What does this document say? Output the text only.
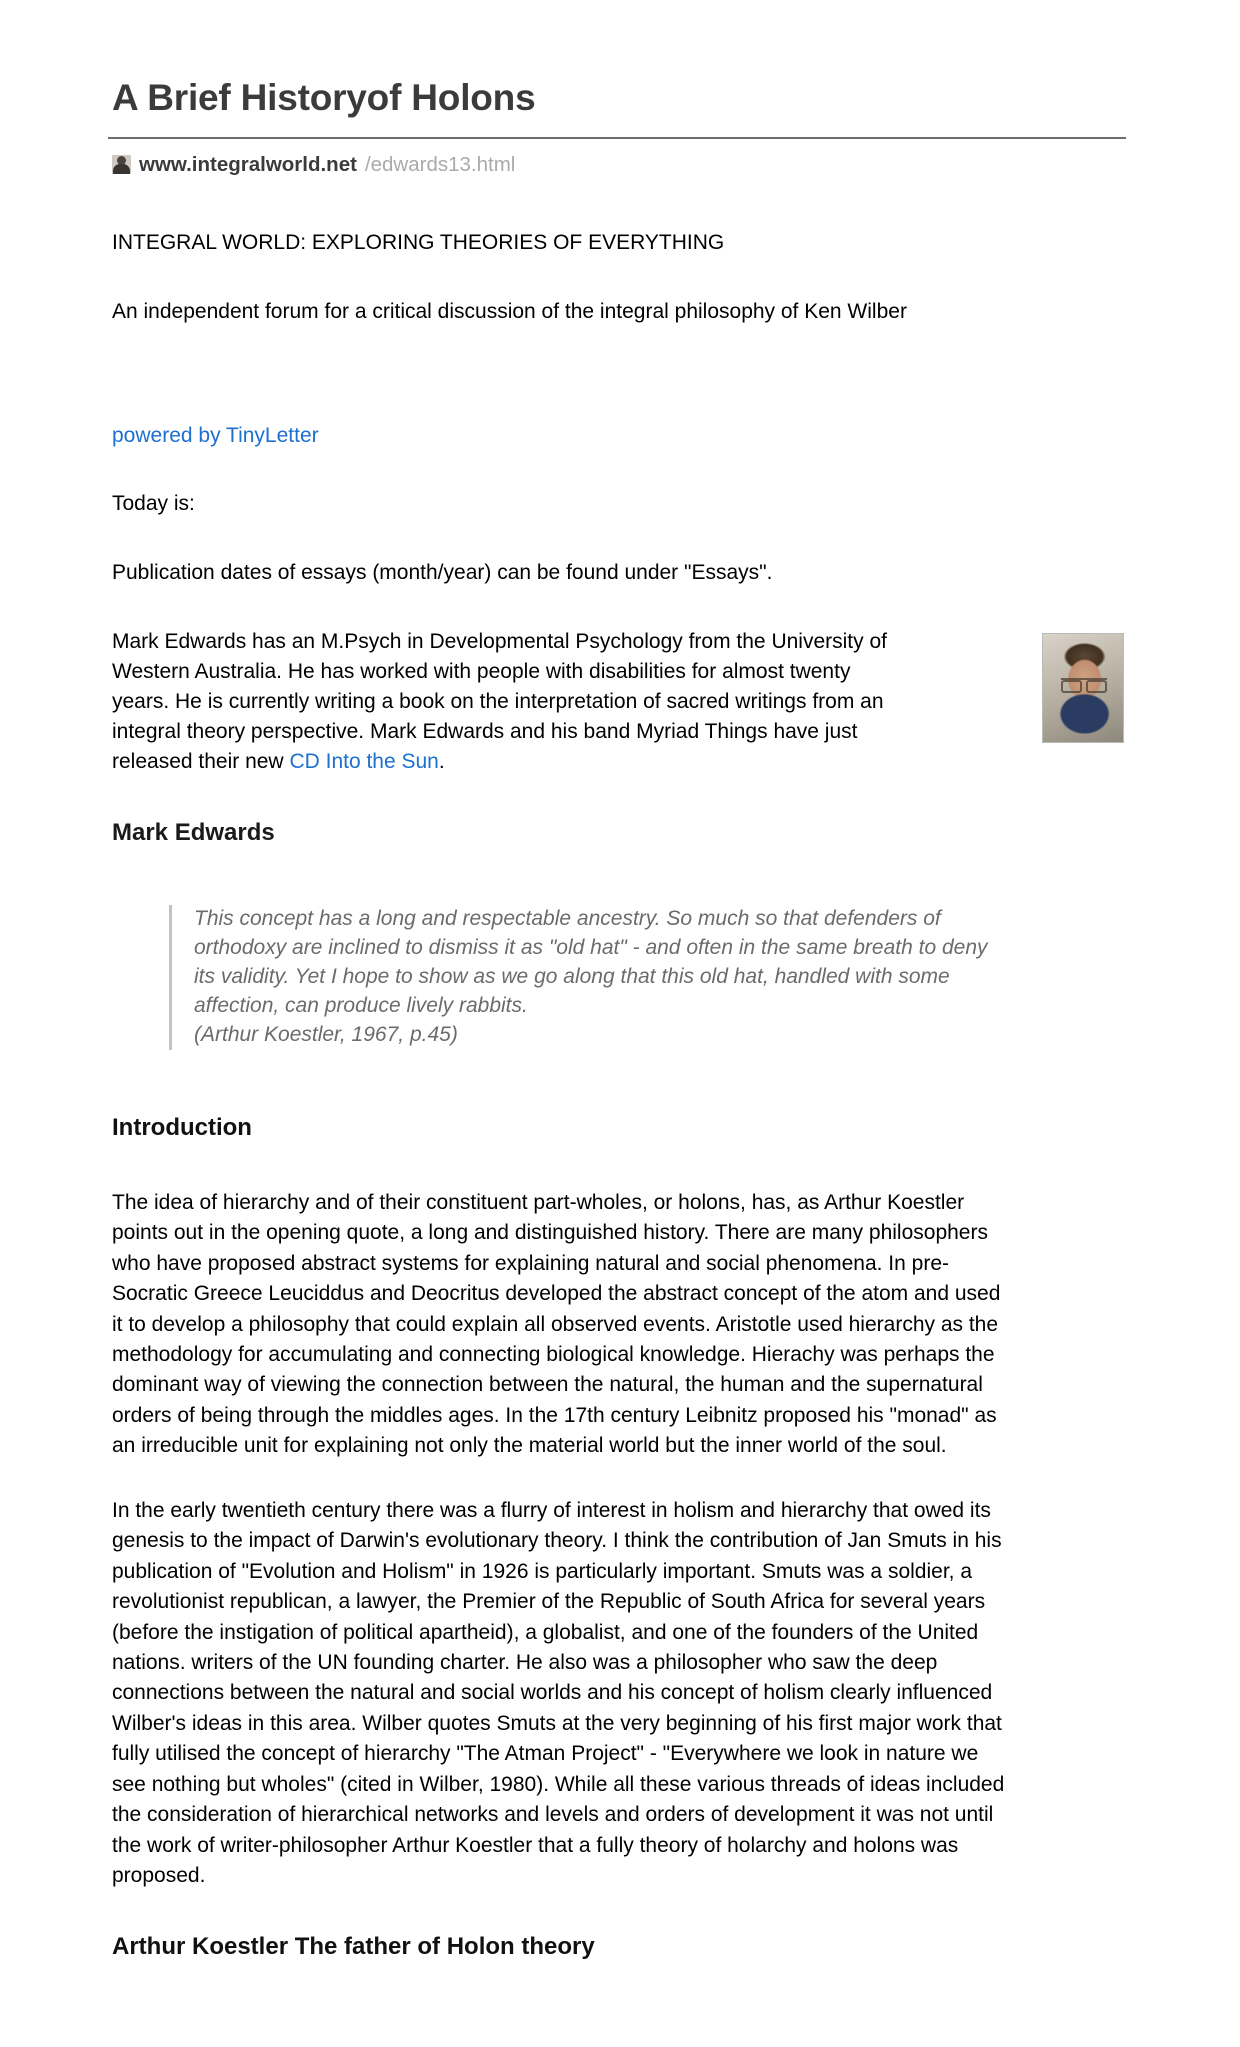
A Brief Historyof Holons
www.integralworld.net /edwards13.html

INTEGRAL WORLD: EXPLORING THEORIES OF EVERYTHING

An independent forum for a critical discussion of the integral philosophy of Ken Wilber

powered by TinyLetter

Today is:

Publication dates of essays (month/year) can be found under "Essays".

Mark Edwards has an M.Psych in Developmental Psychology from the University of Western Australia. He has worked with people with disabilities for almost twenty years. He is currently writing a book on the interpretation of sacred writings from an integral theory perspective. Mark Edwards and his band Myriad Things have just released their new CD Into the Sun.

Mark Edwards

This concept has a long and respectable ancestry. So much so that defenders of orthodoxy are inclined to dismiss it as "old hat" - and often in the same breath to deny its validity. Yet I hope to show as we go along that this old hat, handled with some affection, can produce lively rabbits.

(Arthur Koestler, 1967, p.45)

Introduction

The idea of hierarchy and of their constituent part-wholes, or holons, has, as Arthur Koestler points out in the opening quote, a long and distinguished history. There are many philosophers who have proposed abstract systems for explaining natural and social phenomena. In pre-Socratic Greece Leuciddus and Deocritus developed the abstract concept of the atom and used it to develop a philosophy that could explain all observed events. Aristotle used hierarchy as the methodology for accumulating and connecting biological knowledge. Hierachy was perhaps the dominant way of viewing the connection between the natural, the human and the supernatural orders of being through the middles ages. In the 17th century Leibnitz proposed his "monad" as an irreducible unit for explaining not only the material world but the inner world of the soul.

In the early twentieth century there was a flurry of interest in holism and hierarchy that owed its genesis to the impact of Darwin's evolutionary theory. I think the contribution of Jan Smuts in his publication of "Evolution and Holism" in 1926 is particularly important. Smuts was a soldier, a revolutionist republican, a lawyer, the Premier of the Republic of South Africa for several years (before the instigation of political apartheid), a globalist, and one of the founders of the United nations. writers of the UN founding charter. He also was a philosopher who saw the deep connections between the natural and social worlds and his concept of holism clearly influenced Wilber's ideas in this area. Wilber quotes Smuts at the very beginning of his first major work that fully utilised the concept of hierarchy "The Atman Project" - "Everywhere we look in nature we see nothing but wholes" (cited in Wilber, 1980). While all these various threads of ideas included the consideration of hierarchical networks and levels and orders of development it was not until the work of writer-philosopher Arthur Koestler that a fully theory of holarchy and holons was proposed.

Arthur Koestler The father of Holon theory
